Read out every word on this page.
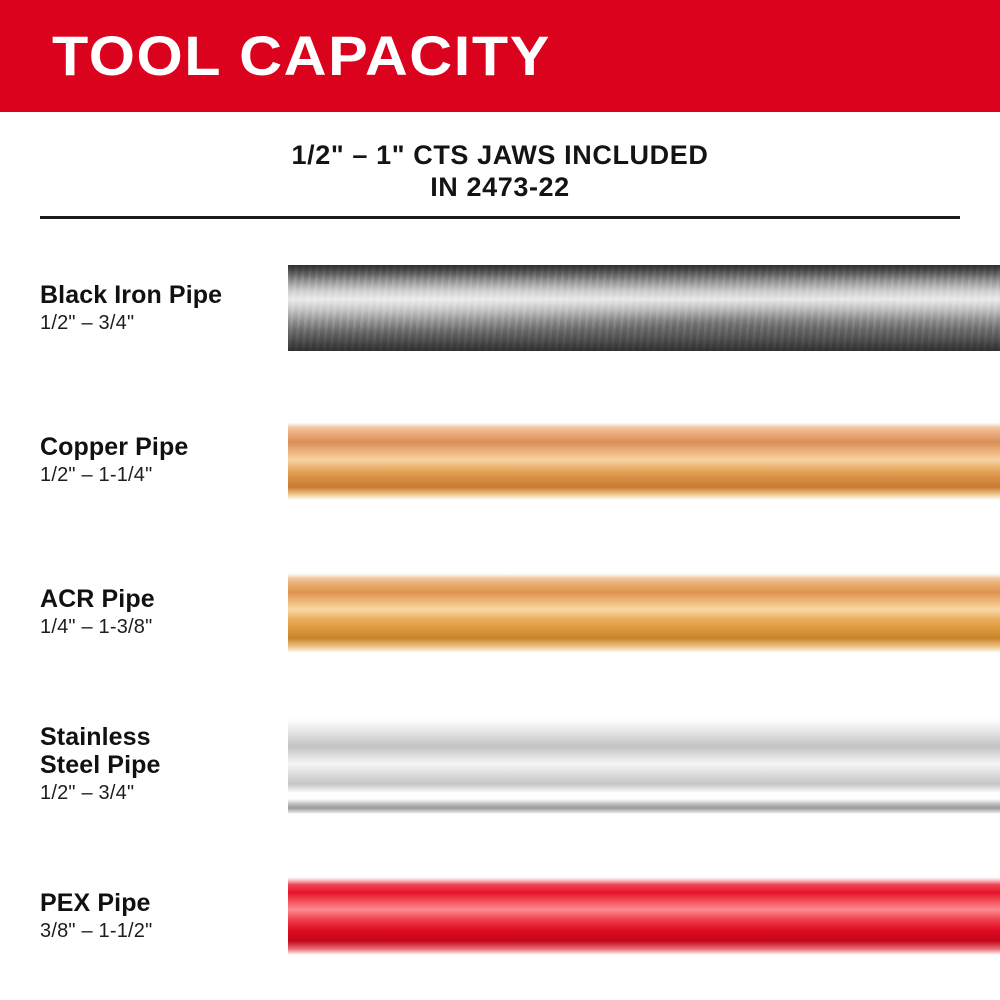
TOOL CAPACITY
1/2" – 1" CTS JAWS INCLUDED
IN 2473-22
Black Iron Pipe
1/2" – 3/4"
Copper Pipe
1/2" – 1-1/4"
ACR Pipe
1/4" – 1-3/8"
Stainless
Steel Pipe
1/2" – 3/4"
PEX Pipe
3/8" – 1-1/2"
